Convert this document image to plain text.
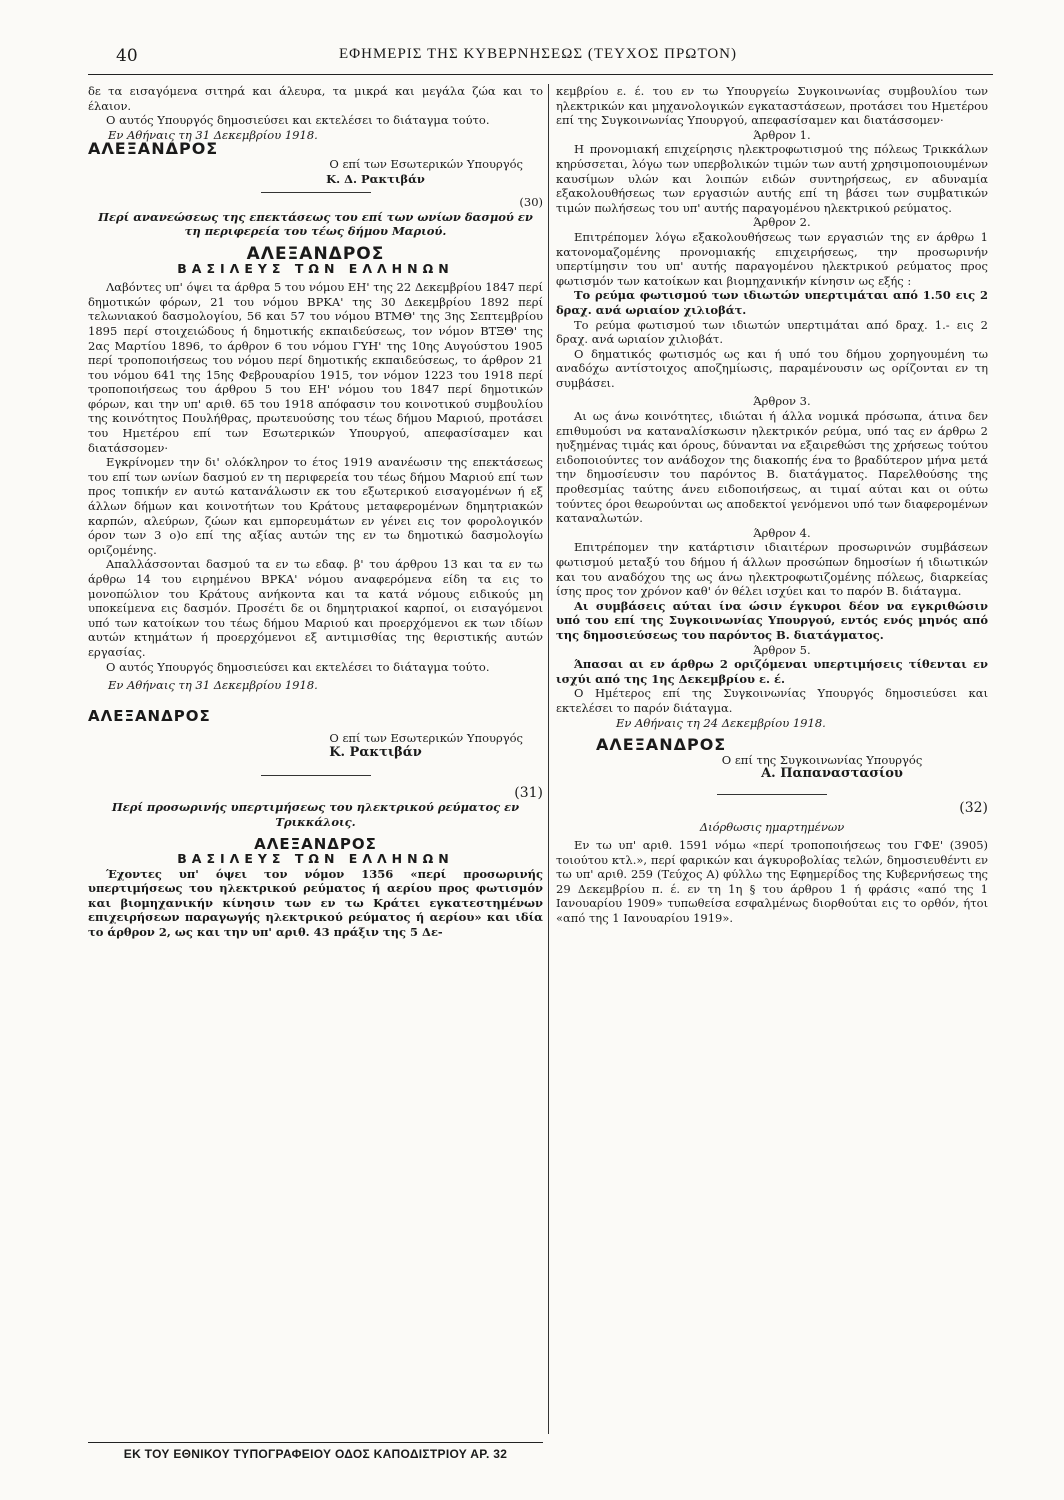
40	ΕΦΗΜΕΡΙΣ ΤΗΣ ΚΥΒΕΡΝΗΣΕΩΣ (ΤΕΥΧΟΣ ΠΡΩΤΟΝ)

δε τα εισαγόμενα σιτηρά και άλευρα, τα μικρά και μεγάλα ζώα και το έλαιον.

Ο αυτός Υπουργός δημοσιεύσει και εκτελέσει το διάταγμα τούτο.

Εν Αθήναις τη 31 Δεκεμβρίου 1918.

ΑΛΕΞΑΝΔΡΟΣ

Ο επί των Εσωτερικών Υπουργός

Κ. Δ. Ρακτιβάν

(30)

Περί ανανεώσεως της επεκτάσεως του επί των ωνίων δασμού εν τη περιφερεία του τέως δήμου Μαριού.

ΑΛΕΞΑΝΔΡΟΣ

ΒΑΣΙΛΕΥΣ ΤΩΝ ΕΛΛΗΝΩΝ

Λαβόντες υπ' όψει τα άρθρα 5 του νόμου ΕΗ' της 22 Δεκεμβρίου 1847 περί δημοτικών φόρων, 21 του νόμου ΒΡΚΑ' της 30 Δεκεμβρίου 1892 περί τελωνιακού δασμολογίου, 56 και 57 του νόμου ΒΤΜΘ' της 3ης Σεπτεμβρίου 1895 περί στοιχειώδους ή δημοτικής εκπαιδεύσεως, τον νόμον ΒΤΞΘ' της 2ας Μαρτίου 1896, το άρθρον 6 του νόμου ΓΥΗ' της 10ης Αυγούστου 1905 περί τροποποιήσεως του νόμου περί δημοτικής εκπαιδεύσεως, το άρθρον 21 του νόμου 641 της 15ης Φεβρουαρίου 1915, τον νόμον 1223 του 1918 περί τροποποιήσεως του άρθρου 5 του ΕΗ' νόμου του 1847 περί δημοτικών φόρων, και την υπ' αριθ. 65 του 1918 απόφασιν του κοινοτικού συμβουλίου της κοινότητος Πουλήθρας, πρωτευούσης του τέως δήμου Μαριού, προτάσει του Ημετέρου επί των Εσωτερικών Υπουργού, απεφασίσαμεν και διατάσσομεν·

Εγκρίνομεν την δι' ολόκληρον το έτος 1919 ανανέωσιν της επεκτάσεως του επί των ωνίων δασμού εν τη περιφερεία του τέως δήμου Μαριού επί των προς τοπικήν εν αυτώ κατανάλωσιν εκ του εξωτερικού εισαγομένων ή εξ άλλων δήμων και κοινοτήτων του Κράτους μεταφερομένων δημητριακών καρπών, αλεύρων, ζώων και εμπορευμάτων εν γένει εις τον φορολογικόν όρον των 3 ο)ο επί της αξίας αυτών της εν τω δημοτικώ δασμολογίω οριζομένης.

Απαλλάσσονται δασμού τα εν τω εδαφ. β' του άρθρου 13 και τα εν τω άρθρω 14 του ειρημένου ΒΡΚΑ' νόμου αναφερόμενα είδη τα εις το μονοπώλιον του Κράτους ανήκοντα και τα κατά νόμους ειδικούς μη υποκείμενα εις δασμόν. Προσέτι δε οι δημητριακοί καρποί, οι εισαγόμενοι υπό των κατοίκων του τέως δήμου Μαριού και προερχόμενοι εκ των ιδίων αυτών κτημάτων ή προερχόμενοι εξ αντιμισθίας της θεριστικής αυτών εργασίας.

Ο αυτός Υπουργός δημοσιεύσει και εκτελέσει το διάταγμα τούτο.

Εν Αθήναις τη 31 Δεκεμβρίου 1918.

ΑΛΕΞΑΝΔΡΟΣ

Ο επί των Εσωτερικών Υπουργός

Κ. Ρακτιβάν

(31)

Περί προσωρινής υπερτιμήσεως του ηλεκτρικού ρεύματος εν Τρικκάλοις.

ΑΛΕΞΑΝΔΡΟΣ

ΒΑΣΙΛΕΥΣ ΤΩΝ ΕΛΛΗΝΩΝ

Έχοντες υπ' όψει τον νόμον 1356 «περί προσωρινής υπερτιμήσεως του ηλεκτρικού ρεύματος ή αερίου προς φωτισμόν και βιομηχανικήν κίνησιν των εν τω Κράτει εγκατεστημένων επιχειρήσεων παραγωγής ηλεκτρικού ρεύματος ή αερίου» και ιδία το άρθρον 2, ως και την υπ' αριθ. 43 πράξιν της 5 Δε-

κεμβρίου ε. έ. του εν τω Υπουργείω Συγκοινωνίας συμβουλίου των ηλεκτρικών και μηχανολογικών εγκαταστάσεων, προτάσει του Ημετέρου επί της Συγκοινωνίας Υπουργού, απεφασίσαμεν και διατάσσομεν·

Άρθρον 1.

Η προνομιακή επιχείρησις ηλεκτροφωτισμού της πόλεως Τρικκάλων κηρύσσεται, λόγω των υπερβολικών τιμών των αυτή χρησιμοποιουμένων καυσίμων υλών και λοιπών ειδών συντηρήσεως, εν αδυναμία εξακολουθήσεως των εργασιών αυτής επί τη βάσει των συμβατικών τιμών πωλήσεως του υπ' αυτής παραγομένου ηλεκτρικού ρεύματος.

Άρθρον 2.

Επιτρέπομεν λόγω εξακολουθήσεως των εργασιών της εν άρθρω 1 κατονομαζομένης προνομιακής επιχειρήσεως, την προσωρινήν υπερτίμησιν του υπ' αυτής παραγομένου ηλεκτρικού ρεύματος προς φωτισμόν των κατοίκων και βιομηχανικήν κίνησιν ως εξής :

Το ρεύμα φωτισμού των ιδιωτών υπερτιμάται από 1.50 εις 2 δραχ. ανά ωριαίον χιλιοβάτ.

Το ρεύμα φωτισμού των ιδιωτών υπερτιμάται από δραχ. 1.- εις 2 δραχ. ανά ωριαίον χιλιοβάτ.

Ο δηματικός φωτισμός ως και ή υπό του δήμου χορηγουμένη τω αναδόχω αντίστοιχος αποζημίωσις, παραμένουσιν ως ορίζονται εν τη συμβάσει.

Άρθρον 3.

Αι ως άνω κοινότητες, ιδιώται ή άλλα νομικά πρόσωπα, άτινα δεν επιθυμούσι να καταναλίσκωσιν ηλεκτρικόν ρεύμα, υπό τας εν άρθρω 2 ηυξημένας τιμάς και όρους, δύνανται να εξαιρεθώσι της χρήσεως τούτου ειδοποιούντες τον ανάδοχον της διακοπής ένα το βραδύτερον μήνα μετά την δημοσίευσιν του παρόντος Β. διατάγματος. Παρελθούσης της προθεσμίας ταύτης άνευ ειδοποιήσεως, αι τιμαί αύται και οι ούτω τούντες όροι θεωρούνται ως αποδεκτοί γενόμενοι υπό των διαφερομένων καταναλωτών.

Άρθρον 4.

Επιτρέπομεν την κατάρτισιν ιδιαιτέρων προσωρινών συμβάσεων φωτισμού μεταξύ του δήμου ή άλλων προσώπων δημοσίων ή ιδιωτικών και του αναδόχου της ως άνω ηλεκτροφωτιζομένης πόλεως, διαρκείας ίσης προς τον χρόνον καθ' όν θέλει ισχύει και το παρόν Β. διάταγμα.

Αι συμβάσεις αύται ίνα ώσιν έγκυροι δέον να εγκριθώσιν υπό του επί της Συγκοινωνίας Υπουργού, εντός ενός μηνός από της δημοσιεύσεως του παρόντος Β. διατάγματος.

Άρθρον 5.

Άπασαι αι εν άρθρω 2 οριζόμεναι υπερτιμήσεις τίθενται εν ισχύι από της 1ης Δεκεμβρίου ε. έ.

Ο Ημέτερος επί της Συγκοινωνίας Υπουργός δημοσιεύσει και εκτελέσει το παρόν διάταγμα.

Εν Αθήναις τη 24 Δεκεμβρίου 1918.

ΑΛΕΞΑΝΔΡΟΣ

Ο επί της Συγκοινωνίας Υπουργός

Α. Παπαναστασίου

(32)

Διόρθωσις ημαρτημένων

Εν τω υπ' αριθ. 1591 νόμω «περί τροποποιήσεως του ΓΦΕ' (3905) τοιούτου κτλ.», περί φαρικών και άγκυροβολίας τελών, δημοσιευθέντι εν τω υπ' αριθ. 259 (Τεύχος Α) φύλλω της Εφημερίδος της Κυβερνήσεως της 29 Δεκεμβρίου π. έ. εν τη 1η § του άρθρου 1 ή φράσις «από της 1 Ιανουαρίου 1909» τυπωθείσα εσφαλμένως διορθούται εις το ορθόν, ήτοι «από της 1 Ιανουαρίου 1919».

ΕΚ ΤΟΥ ΕΘΝΙΚΟΥ ΤΥΠΟΓΡΑΦΕΙΟΥ ΟΔΟΣ ΚΑΠΟΔΙΣΤΡΙΟΥ ΑΡ. 32
